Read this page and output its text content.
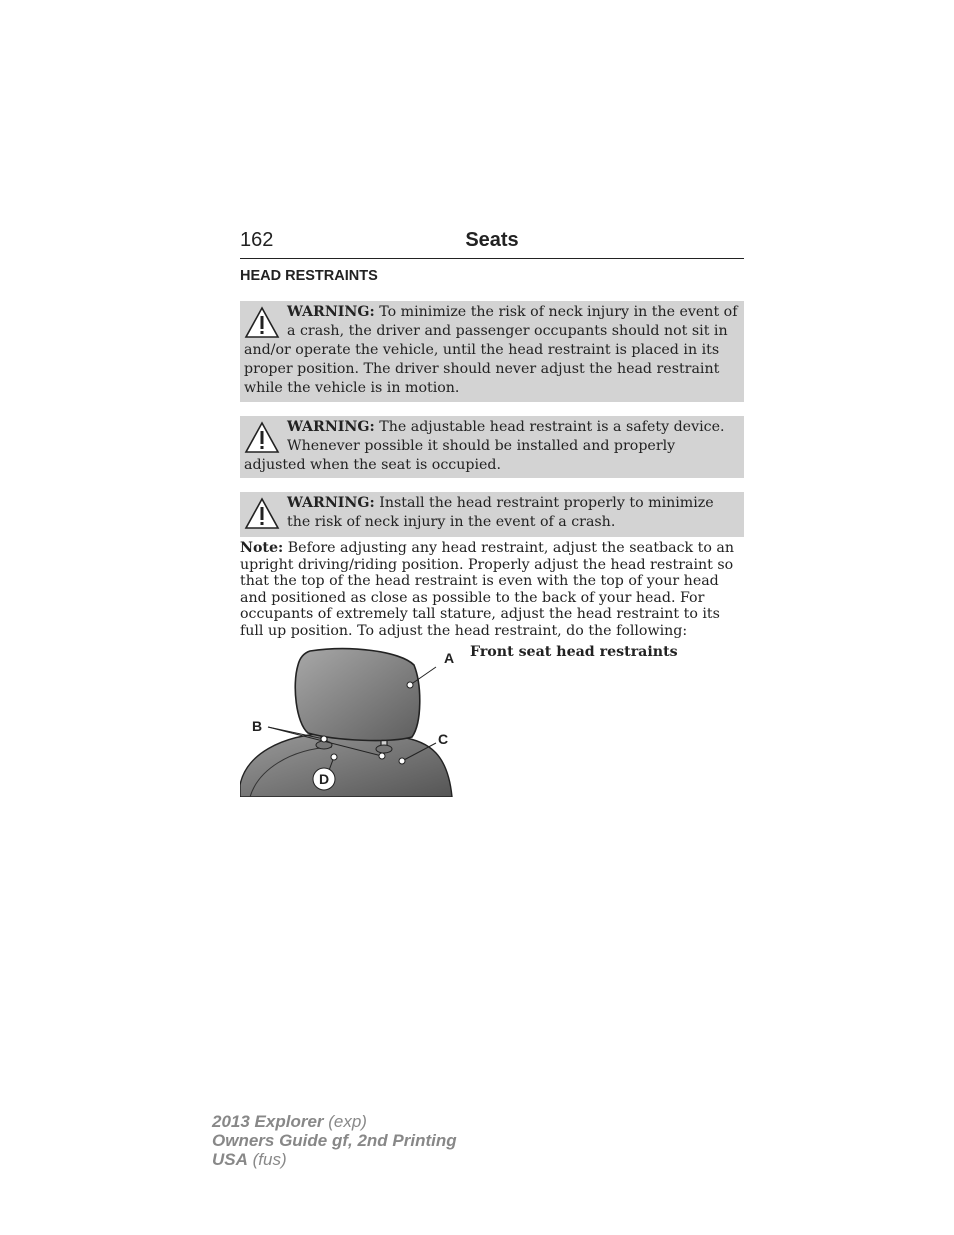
162	Seats
HEAD RESTRAINTS
WARNING: To minimize the risk of neck injury in the event of a crash, the driver and passenger occupants should not sit in and/or operate the vehicle, until the head restraint is placed in its proper position. The driver should never adjust the head restraint while the vehicle is in motion.
WARNING: The adjustable head restraint is a safety device. Whenever possible it should be installed and properly adjusted when the seat is occupied.
WARNING: Install the head restraint properly to minimize the risk of neck injury in the event of a crash.
Note: Before adjusting any head restraint, adjust the seatback to an upright driving/riding position. Properly adjust the head restraint so that the top of the head restraint is even with the top of your head and positioned as close as possible to the back of your head. For occupants of extremely tall stature, adjust the head restraint to its full up position. To adjust the head restraint, do the following:
A
B
C
D
Front seat head restraints
2013 Explorer (exp)
Owners Guide gf, 2nd Printing
USA (fus)
